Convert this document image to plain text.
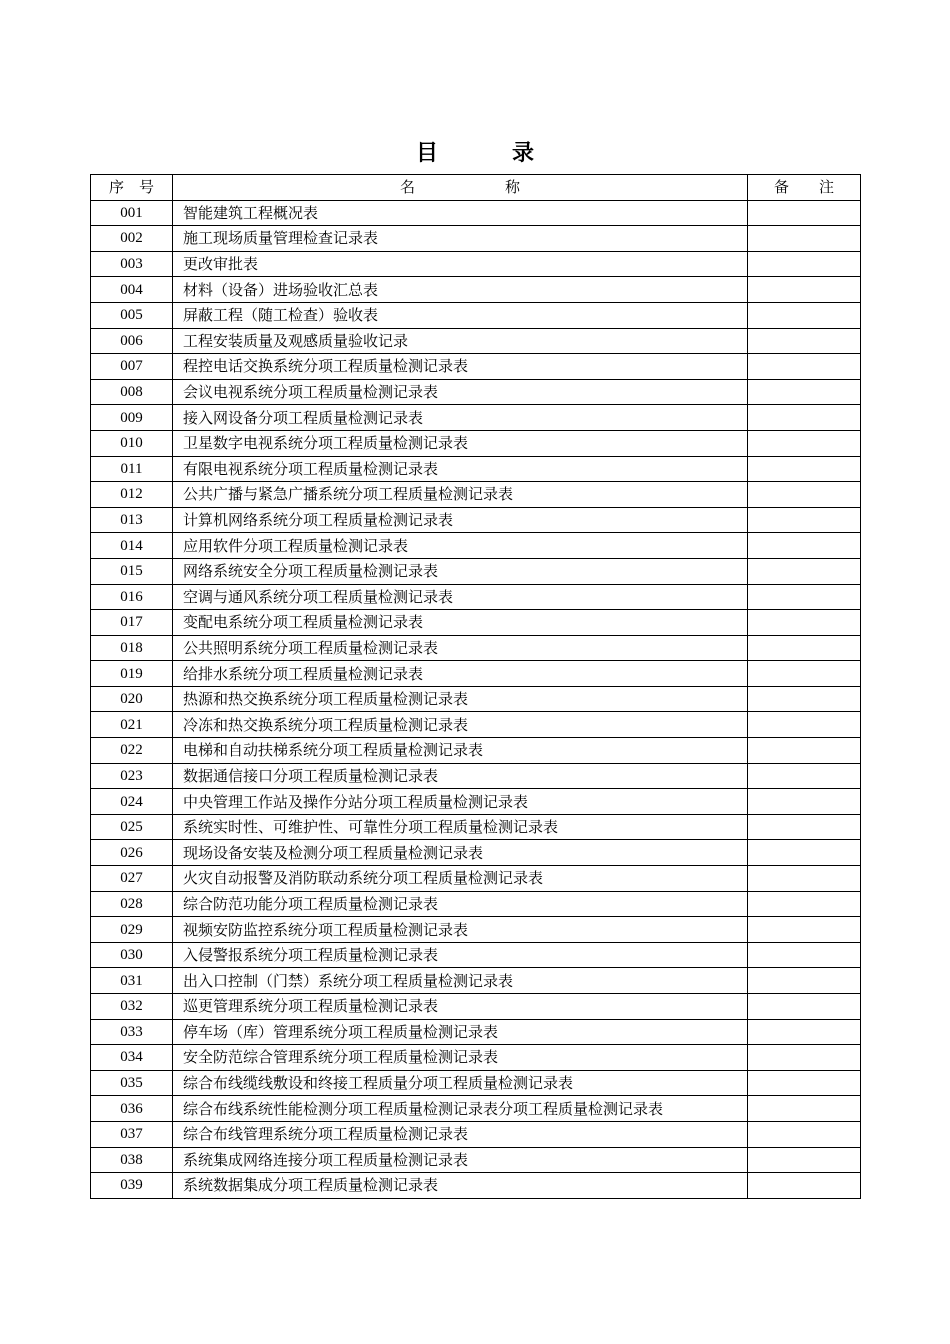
目　录
序　号	名　　　　　　称	备　　注
001	智能建筑工程概况表	
002	施工现场质量管理检查记录表	
003	更改审批表	
004	材料（设备）进场验收汇总表	
005	屏蔽工程（随工检查）验收表	
006	工程安装质量及观感质量验收记录	
007	程控电话交换系统分项工程质量检测记录表	
008	会议电视系统分项工程质量检测记录表	
009	接入网设备分项工程质量检测记录表	
010	卫星数字电视系统分项工程质量检测记录表	
011	有限电视系统分项工程质量检测记录表	
012	公共广播与紧急广播系统分项工程质量检测记录表	
013	计算机网络系统分项工程质量检测记录表	
014	应用软件分项工程质量检测记录表	
015	网络系统安全分项工程质量检测记录表	
016	空调与通风系统分项工程质量检测记录表	
017	变配电系统分项工程质量检测记录表	
018	公共照明系统分项工程质量检测记录表	
019	给排水系统分项工程质量检测记录表	
020	热源和热交换系统分项工程质量检测记录表	
021	冷冻和热交换系统分项工程质量检测记录表	
022	电梯和自动扶梯系统分项工程质量检测记录表	
023	数据通信接口分项工程质量检测记录表	
024	中央管理工作站及操作分站分项工程质量检测记录表	
025	系统实时性、可维护性、可靠性分项工程质量检测记录表	
026	现场设备安装及检测分项工程质量检测记录表	
027	火灾自动报警及消防联动系统分项工程质量检测记录表	
028	综合防范功能分项工程质量检测记录表	
029	视频安防监控系统分项工程质量检测记录表	
030	入侵警报系统分项工程质量检测记录表	
031	出入口控制（门禁）系统分项工程质量检测记录表	
032	巡更管理系统分项工程质量检测记录表	
033	停车场（库）管理系统分项工程质量检测记录表	
034	安全防范综合管理系统分项工程质量检测记录表	
035	综合布线缆线敷设和终接工程质量分项工程质量检测记录表	
036	综合布线系统性能检测分项工程质量检测记录表分项工程质量检测记录表	
037	综合布线管理系统分项工程质量检测记录表	
038	系统集成网络连接分项工程质量检测记录表	
039	系统数据集成分项工程质量检测记录表	
